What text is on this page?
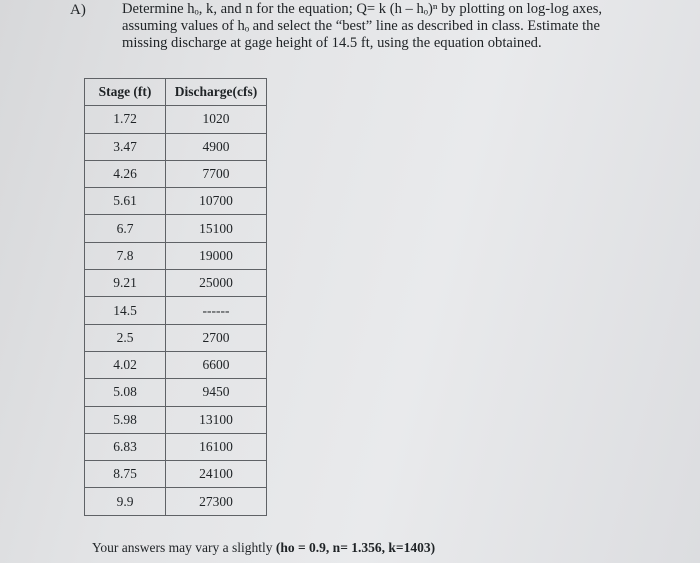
A) Determine hₒ, k, and n for the equation; Q= k (h – hₒ)ⁿ by plotting on log-log axes,
assuming values of hₒ and select the “best” line as described in class. Estimate the
missing discharge at gage height of 14.5 ft, using the equation obtained.
Stage (ft)	Discharge(cfs)
1.72	1020
3.47	4900
4.26	7700
5.61	10700
6.7	15100
7.8	19000
9.21	25000
14.5	------
2.5	2700
4.02	6600
5.08	9450
5.98	13100
6.83	16100
8.75	24100
9.9	27300
Your answers may vary a slightly (ho = 0.9, n= 1.356, k=1403)
